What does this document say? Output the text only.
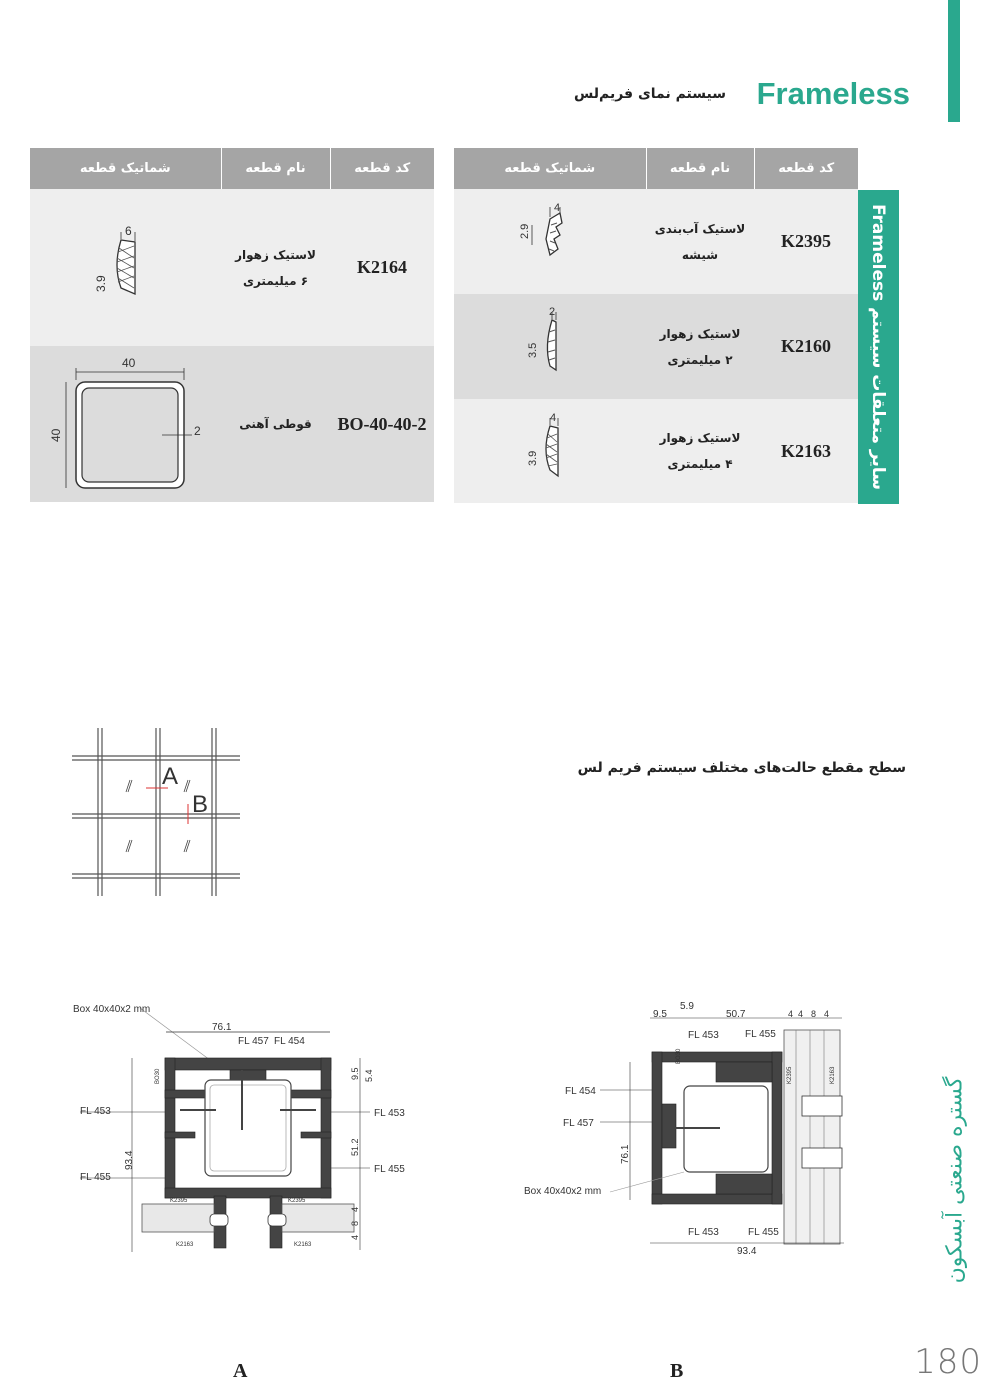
Frameless
سیستم نمای فریم‌لس
سایر متعلقات سیستم Frameless
شماتیک قطعه	نام قطعه	کد قطعه

4
2.9	لاستیک آب‌بندی
شیشه	K2395

2
3.5	لاستیک زهوار
۲ میلیمتری	K2160

4
3.9	لاستیک زهوار
۴ میلیمتری	K2163
شماتیک قطعه	نام قطعه	کد قطعه

6
3.9	لاستیک زهوار
۶ میلیمتری	K2164

40
40 2	قوطی آهنی	BO-40-40-2
سطح مقطع حالت‌های مختلف سیستم فریم لس
A
B
Box 40x40x2 mm
76.1
FL 457 FL 454
BO30
FL 453	FL 453
FL 455
FL 455
93.4
9.5 5.4
51.2
4
8
4
K2395	K2395
K2163	K2163
A
5.9
9.5	50.7	4 4 8 4
FL 453	FL 455
BO30
FL 454
FL 457
76.1
Box 40x40x2 mm
FL 453	FL 455
93.4
K2395	K2163
B
گستره صنعتی آبسکون
180
